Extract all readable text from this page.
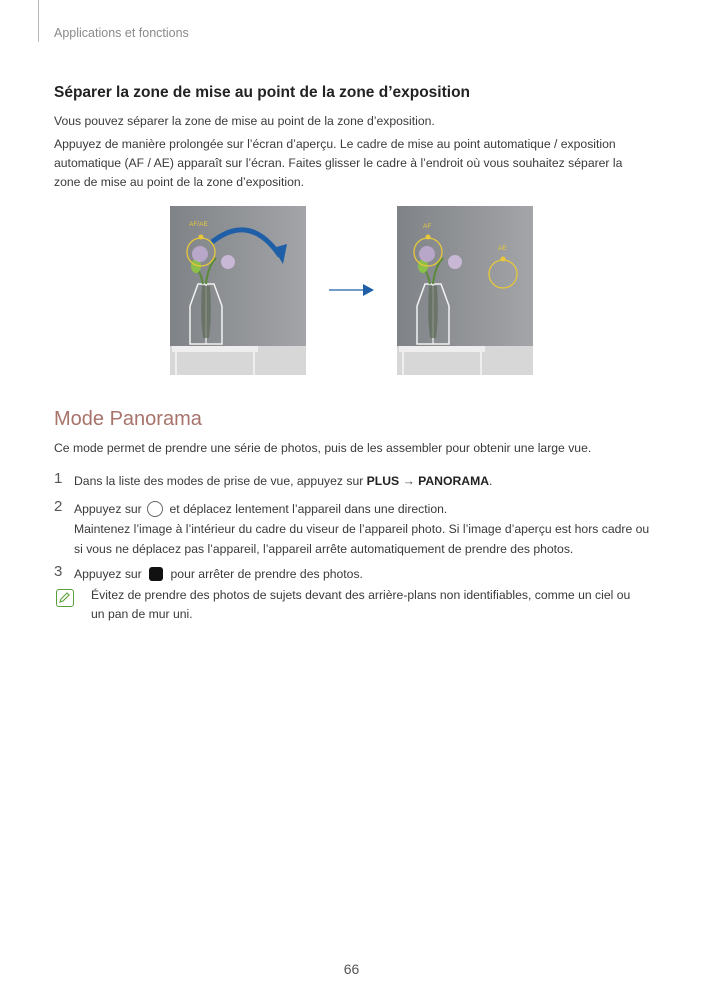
Applications et fonctions
Séparer la zone de mise au point de la zone d’exposition
Vous pouvez séparer la zone de mise au point de la zone d’exposition.
Appuyez de manière prolongée sur l’écran d’aperçu. Le cadre de mise au point automatique / exposition automatique (AF / AE) apparaît sur l’écran. Faites glisser le cadre à l’endroit où vous souhaitez séparer la zone de mise au point de la zone d’exposition.
AF/AE	AF
AE
Mode Panorama
Ce mode permet de prendre une série de photos, puis de les assembler pour obtenir une large vue.
1 Dans la liste des modes de prise de vue, appuyez sur PLUS → PANORAMA.
2 Appuyez sur  et déplacez lentement l’appareil dans une direction.
Maintenez l’image à l’intérieur du cadre du viseur de l’appareil photo. Si l’image d’aperçu est hors cadre ou si vous ne déplacez pas l’appareil, l’appareil arrête automatiquement de prendre des photos.
3 Appuyez sur  pour arrêter de prendre des photos.
Évitez de prendre des photos de sujets devant des arrière-plans non identifiables, comme un ciel ou un pan de mur uni.
66
